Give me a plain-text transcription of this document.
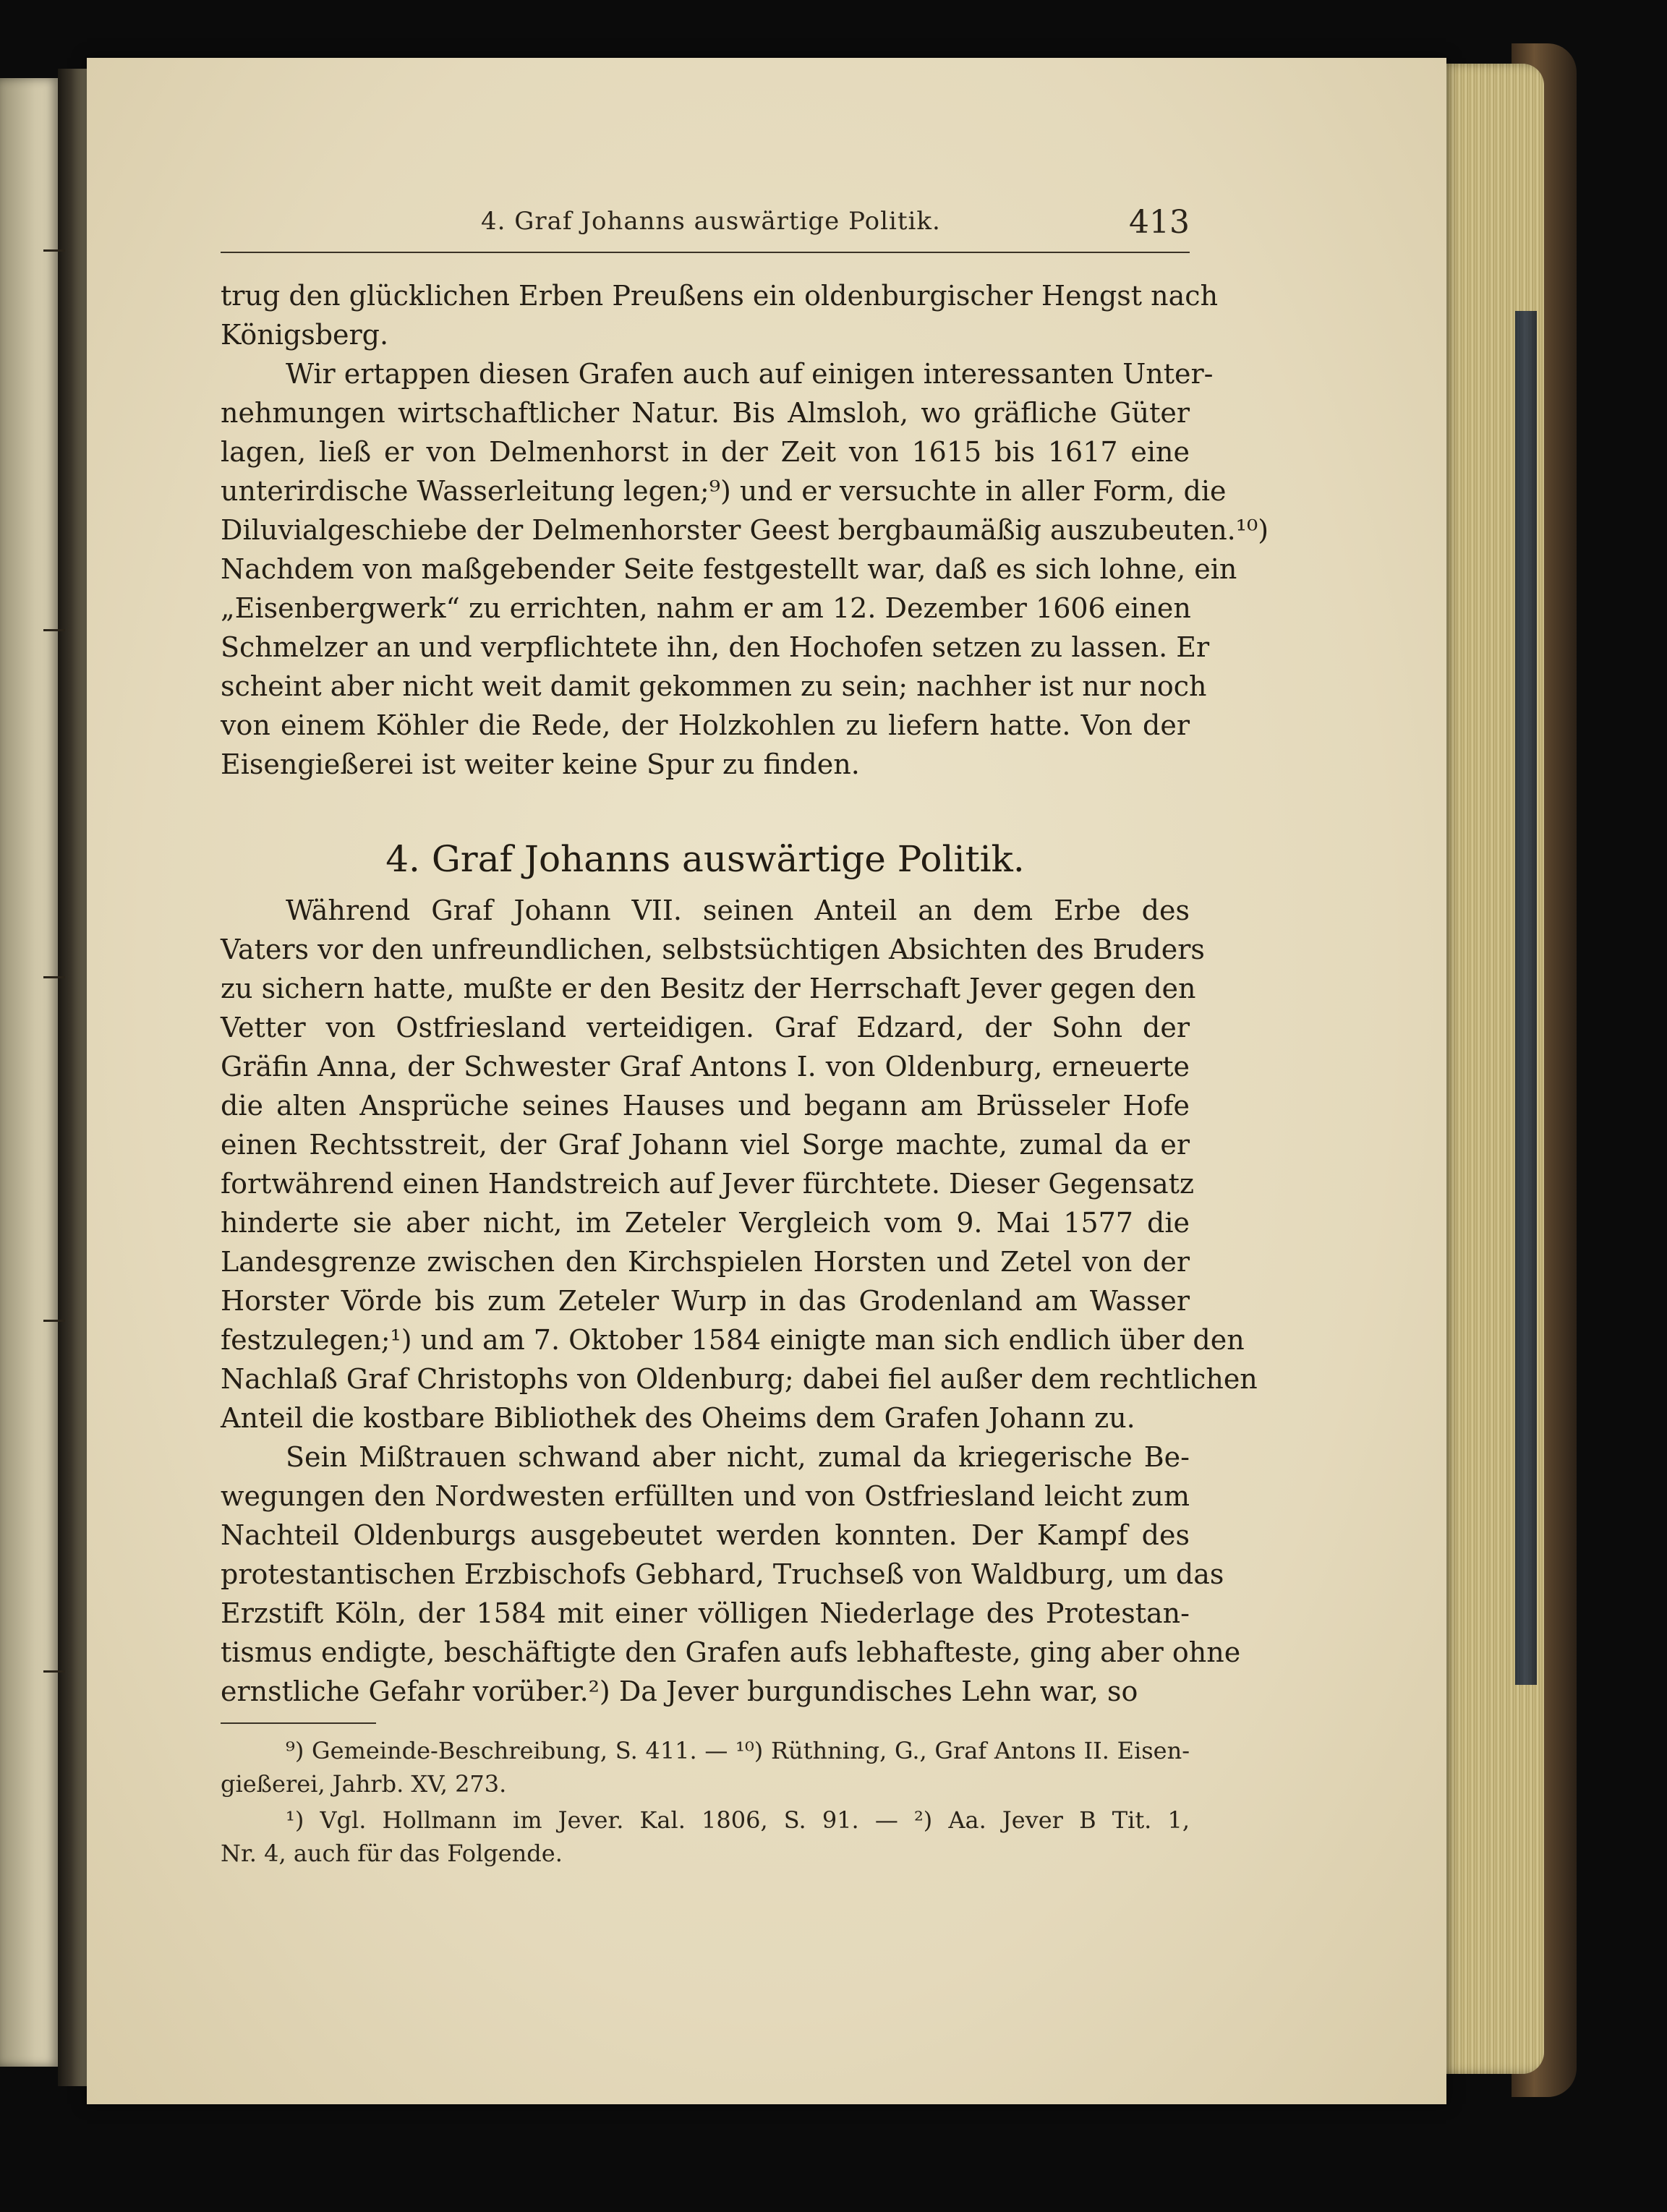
4. Graf Johanns auswärtige Politik.	413
trug den glücklichen Erben Preußens ein oldenburgischer Hengst nach
Königsberg.
Wir ertappen diesen Grafen auch auf einigen interessanten Unter-
nehmungen wirtschaftlicher Natur. Bis Almsloh, wo gräfliche Güter
lagen, ließ er von Delmenhorst in der Zeit von 1615 bis 1617 eine
unterirdische Wasserleitung legen;⁹) und er versuchte in aller Form, die
Diluvialgeschiebe der Delmenhorster Geest bergbaumäßig auszubeuten.¹⁰)
Nachdem von maßgebender Seite festgestellt war, daß es sich lohne, ein
„Eisenbergwerk“ zu errichten, nahm er am 12. Dezember 1606 einen
Schmelzer an und verpflichtete ihn, den Hochofen setzen zu lassen. Er
scheint aber nicht weit damit gekommen zu sein; nachher ist nur noch
von einem Köhler die Rede, der Holzkohlen zu liefern hatte. Von der
Eisengießerei ist weiter keine Spur zu finden.
4. Graf Johanns auswärtige Politik.
Während Graf Johann VII. seinen Anteil an dem Erbe des
Vaters vor den unfreundlichen, selbstsüchtigen Absichten des Bruders
zu sichern hatte, mußte er den Besitz der Herrschaft Jever gegen den
Vetter von Ostfriesland verteidigen. Graf Edzard, der Sohn der
Gräfin Anna, der Schwester Graf Antons I. von Oldenburg, erneuerte
die alten Ansprüche seines Hauses und begann am Brüsseler Hofe
einen Rechtsstreit, der Graf Johann viel Sorge machte, zumal da er
fortwährend einen Handstreich auf Jever fürchtete. Dieser Gegensatz
hinderte sie aber nicht, im Zeteler Vergleich vom 9. Mai 1577 die
Landesgrenze zwischen den Kirchspielen Horsten und Zetel von der
Horster Vörde bis zum Zeteler Wurp in das Grodenland am Wasser
festzulegen;¹) und am 7. Oktober 1584 einigte man sich endlich über den
Nachlaß Graf Christophs von Oldenburg; dabei fiel außer dem rechtlichen
Anteil die kostbare Bibliothek des Oheims dem Grafen Johann zu.
Sein Mißtrauen schwand aber nicht, zumal da kriegerische Be-
wegungen den Nordwesten erfüllten und von Ostfriesland leicht zum
Nachteil Oldenburgs ausgebeutet werden konnten. Der Kampf des
protestantischen Erzbischofs Gebhard, Truchseß von Waldburg, um das
Erzstift Köln, der 1584 mit einer völligen Niederlage des Protestan-
tismus endigte, beschäftigte den Grafen aufs lebhafteste, ging aber ohne
ernstliche Gefahr vorüber.²) Da Jever burgundisches Lehn war, so
⁹) Gemeinde-Beschreibung, S. 411. — ¹⁰) Rüthning, G., Graf Antons II. Eisen-
gießerei, Jahrb. XV, 273.
¹) Vgl. Hollmann im Jever. Kal. 1806, S. 91. — ²) Aa. Jever B Tit. 1,
Nr. 4, auch für das Folgende.
